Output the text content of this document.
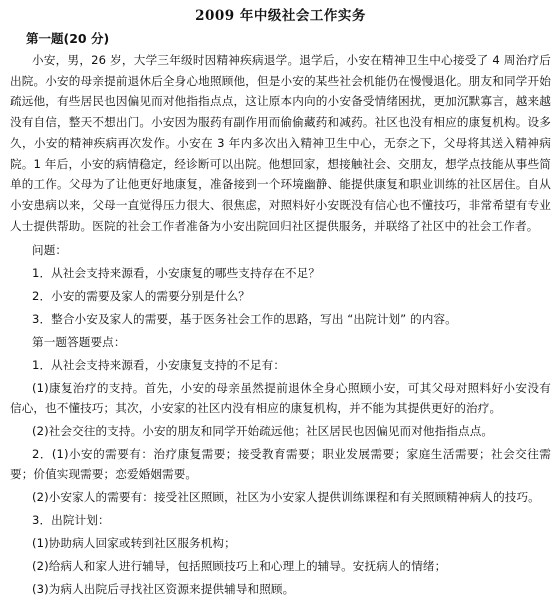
2009 年中级社会工作实务
第一题(20 分)

小安，男，26 岁，大学三年级时因精神疾病退学。退学后，小安在精神卫生中心接受了 4 周治疗后出院。小安的母亲提前退休后全身心地照顾他，但是小安的某些社会机能仍在慢慢退化。朋友和同学开始疏远他，有些居民也因偏见而对他指指点点，这让原本内向的小安备受情绪困扰，更加沉默寡言，越来越没有自信，整天不想出门。小安因为服药有副作用而偷偷藏药和减药。社区也没有相应的康复机构。设多久，小安的精神疾病再次发作。小安在 3 年内多次出入精神卫生中心，无奈之下，父母将其送入精神病院。1 年后，小安的病情稳定，经诊断可以出院。他想回家，想接触社会、交朋友，想学点技能从事些简单的工作。父母为了让他更好地康复，准备接到一个环境幽静、能提供康复和职业训练的社区居住。自从小安患病以来，父母一直觉得压力很大、很焦虑，对照料好小安既没有信心也不懂技巧，非常希望有专业人士提供帮助。医院的社会工作者准备为小安出院回归社区提供服务，并联络了社区中的社会工作者。

问题：
1．从社会支持来源看，小安康复的哪些支持存在不足？
2．小安的需要及家人的需要分别是什么？
3．整合小安及家人的需要，基于医务社会工作的思路，写出 “出院计划” 的内容。
第一题答题要点：
1．从社会支持来源看，小安康复支持的不足有：
(1)康复治疗的支持。首先，小安的母亲虽然提前退休全身心照顾小安，可其父母对照料好小安没有信心，也不懂技巧；其次，小安家的社区内没有相应的康复机构，并不能为其提供更好的治疗。
(2)社会交往的支持。小安的朋友和同学开始疏远他；社区居民也因偏见而对他指指点点。
2．(1)小安的需要有：治疗康复需要；接受教育需要；职业发展需要；家庭生活需要；社会交往需要；价值实现需要；恋爱婚姻需要。
(2)小安家人的需要有：接受社区照顾，社区为小安家人提供训练课程和有关照顾精神病人的技巧。
3．出院计划：
(1)协助病人回家或转到社区服务机构；
(2)给病人和家人进行辅导，包括照顾技巧上和心理上的辅导。安抚病人的情绪；
(3)为病人出院后寻找社区资源来提供辅导和照顾。
